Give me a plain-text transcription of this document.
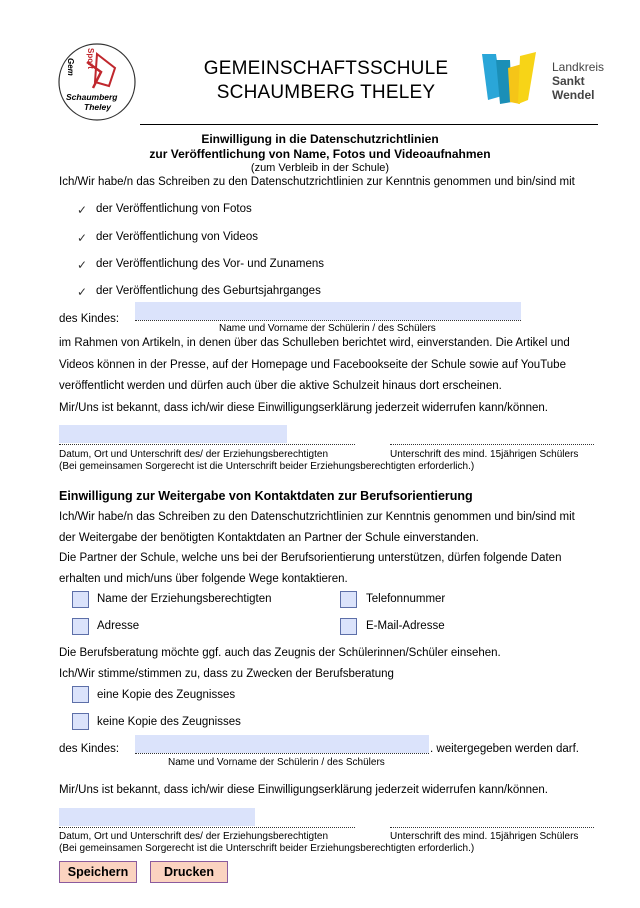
Gem Sport
Schaumberg
Theley
GEMEINSCHAFTSSCHULE
SCHAUMBERG THELEY
Landkreis
Sankt
Wendel
Einwilligung in die Datenschutzrichtlinien
zur Veröffentlichung von Name, Fotos und Videoaufnahmen
(zum Verbleib in der Schule)
Ich/Wir habe/n das Schreiben zu den Datenschutzrichtlinien zur Kenntnis genommen und bin/sind mit
✓ der Veröffentlichung von Fotos
✓ der Veröffentlichung von Videos
✓ der Veröffentlichung des Vor- und Zunamens
✓ der Veröffentlichung des Geburtsjahrganges
des Kindes:
Name und Vorname der Schülerin / des Schülers
im Rahmen von Artikeln, in denen über das Schulleben berichtet wird, einverstanden. Die Artikel und
Videos können in der Presse, auf der Homepage und Facebookseite der Schule sowie auf YouTube
veröffentlicht werden und dürfen auch über die aktive Schulzeit hinaus dort erscheinen.
Mir/Uns ist bekannt, dass ich/wir diese Einwilligungserklärung jederzeit widerrufen kann/können.
Datum, Ort und Unterschrift des/ der Erziehungsberechtigten	Unterschrift des mind. 15jährigen Schülers
(Bei gemeinsamen Sorgerecht ist die Unterschrift beider Erziehungsberechtigten erforderlich.)
Einwilligung zur Weitergabe von Kontaktdaten zur Berufsorientierung
Ich/Wir habe/n das Schreiben zu den Datenschutzrichtlinien zur Kenntnis genommen und bin/sind mit
der Weitergabe der benötigten Kontaktdaten an Partner der Schule einverstanden.
Die Partner der Schule, welche uns bei der Berufsorientierung unterstützen, dürfen folgende Daten
erhalten und mich/uns über folgende Wege kontaktieren.
Name der Erziehungsberechtigten	Telefonnummer
Adresse	E-Mail-Adresse
Die Berufsberatung möchte ggf. auch das Zeugnis der Schülerinnen/Schüler einsehen.
Ich/Wir stimme/stimmen zu, dass zu Zwecken der Berufsberatung
eine Kopie des Zeugnisses
keine Kopie des Zeugnisses
des Kindes:	. weitergegeben werden darf.
Name und Vorname der Schülerin / des Schülers
Mir/Uns ist bekannt, dass ich/wir diese Einwilligungserklärung jederzeit widerrufen kann/können.
Datum, Ort und Unterschrift des/ der Erziehungsberechtigten	Unterschrift des mind. 15jährigen Schülers
(Bei gemeinsamen Sorgerecht ist die Unterschrift beider Erziehungsberechtigten erforderlich.)
Speichern	Drucken
